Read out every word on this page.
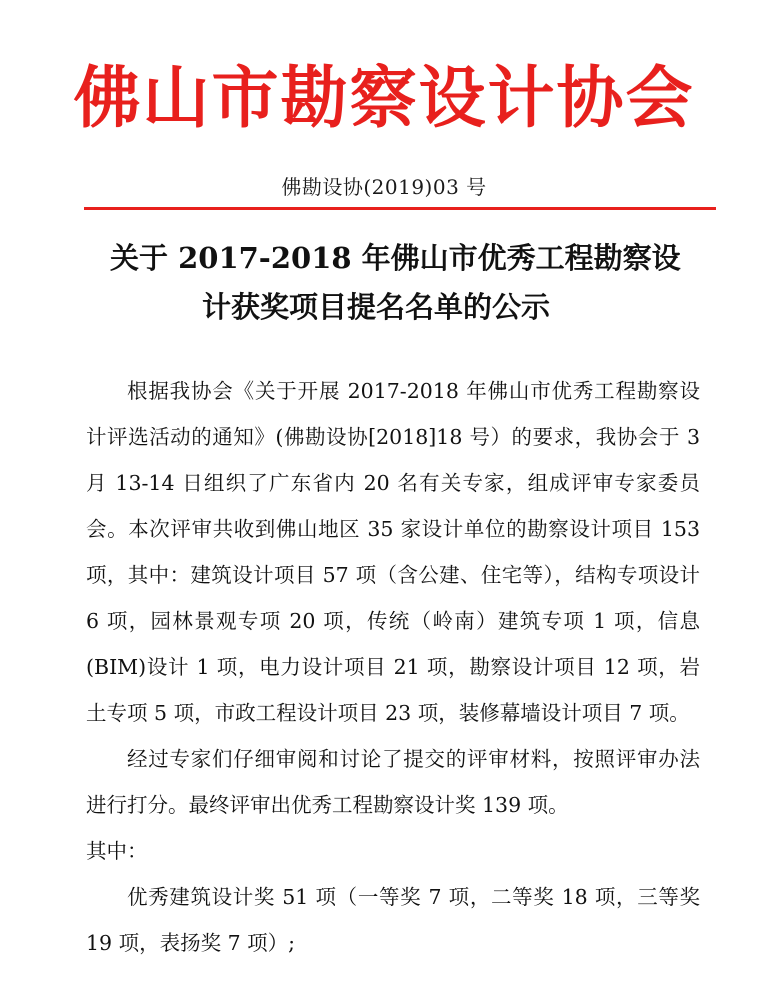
佛山市勘察设计协会
佛勘设协(2019)03 号
关于 2017-2018 年佛山市优秀工程勘察设
计获奖项目提名名单的公示

根据我协会《关于开展 2017-2018 年佛山市优秀工程勘察设计评选活动的通知》(佛勘设协[2018]18 号）的要求，我协会于 3 月 13-14 日组织了广东省内 20 名有关专家，组成评审专家委员会。本次评审共收到佛山地区 35 家设计单位的勘察设计项目 153 项，其中：建筑设计项目 57 项（含公建、住宅等），结构专项设计 6 项，园林景观专项 20 项，传统（岭南）建筑专项 1 项，信息(BIM)设计 1 项，电力设计项目 21 项，勘察设计项目 12 项，岩土专项 5 项，市政工程设计项目 23 项，装修幕墙设计项目 7 项。

经过专家们仔细审阅和讨论了提交的评审材料，按照评审办法进行打分。最终评审出优秀工程勘察设计奖 139 项。

其中：

优秀建筑设计奖 51 项（一等奖 7 项，二等奖 18 项，三等奖 19 项，表扬奖 7 项）;
